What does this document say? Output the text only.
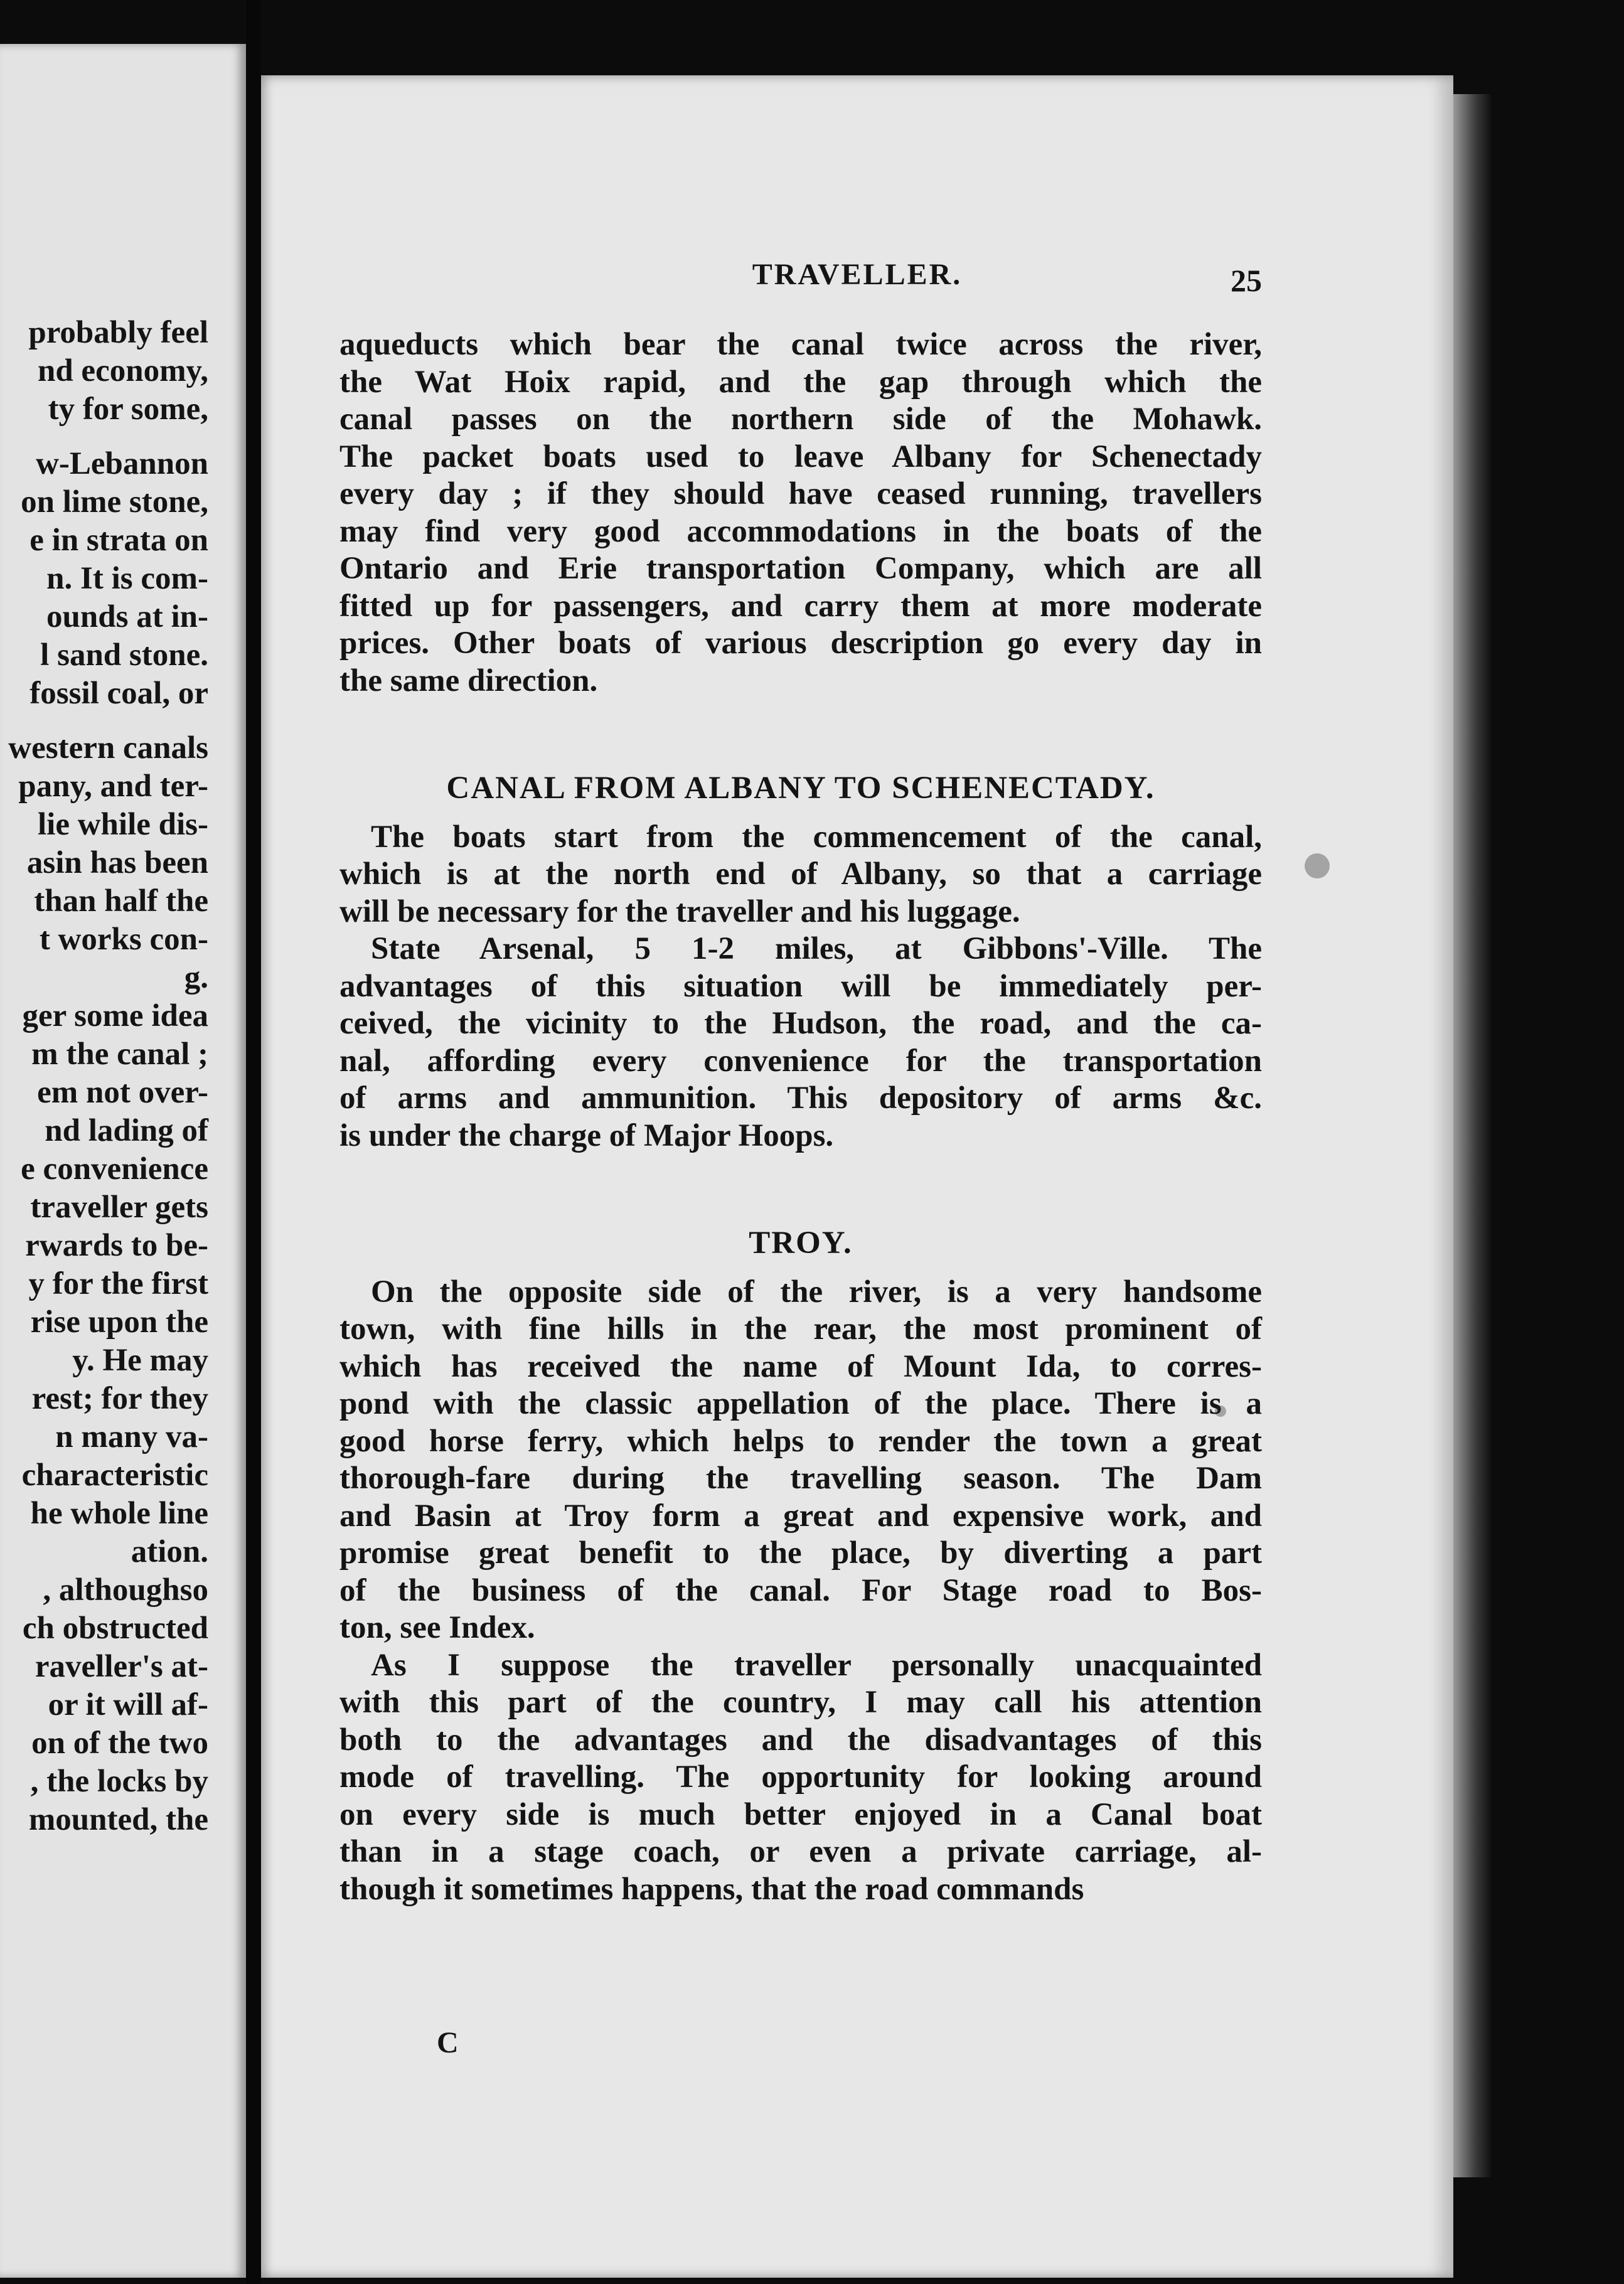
probably feel
nd economy,
ty for some,
w-Lebannon
on lime stone,
e in strata on
n. It is com-
ounds at in-
l sand stone.
fossil coal, or
western canals
pany, and ter-
lie while dis-
asin has been
than half the
t works con-
g.
ger some idea
m the canal ;
em not over-
nd lading of
e convenience
traveller gets
rwards to be-
y for the first
rise upon the
y. He may
rest; for they
n many va-
characteristic
he whole line
ation.
, althoughso
ch obstructed
raveller's at-
or it will af-
on of the two
, the locks by
mounted, the
TRAVELLER.	25
aqueducts which bear the canal twice across the river,
the Wat Hoix rapid, and the gap through which the
canal passes on the northern side of the Mohawk.
The packet boats used to leave Albany for Schenectady
every day ; if they should have ceased running, travellers
may find very good accommodations in the boats of the
Ontario and Erie transportation Company, which are all
fitted up for passengers, and carry them at more moderate
prices. Other boats of various description go every day in
the same direction.
CANAL FROM ALBANY TO SCHENECTADY.
The boats start from the commencement of the canal,
which is at the north end of Albany, so that a carriage
will be necessary for the traveller and his luggage.
State Arsenal, 5 1-2 miles, at Gibbons'-Ville. The
advantages of this situation will be immediately per-
ceived, the vicinity to the Hudson, the road, and the ca-
nal, affording every convenience for the transportation
of arms and ammunition. This depository of arms &c.
is under the charge of Major Hoops.
TROY.
On the opposite side of the river, is a very handsome
town, with fine hills in the rear, the most prominent of
which has received the name of Mount Ida, to corres-
pond with the classic appellation of the place. There is a
good horse ferry, which helps to render the town a great
thorough-fare during the travelling season. The Dam
and Basin at Troy form a great and expensive work, and
promise great benefit to the place, by diverting a part
of the business of the canal. For Stage road to Bos-
ton, see Index.
As I suppose the traveller personally unacquainted
with this part of the country, I may call his attention
both to the advantages and the disadvantages of this
mode of travelling. The opportunity for looking around
on every side is much better enjoyed in a Canal boat
than in a stage coach, or even a private carriage, al-
though it sometimes happens, that the road commands
C
